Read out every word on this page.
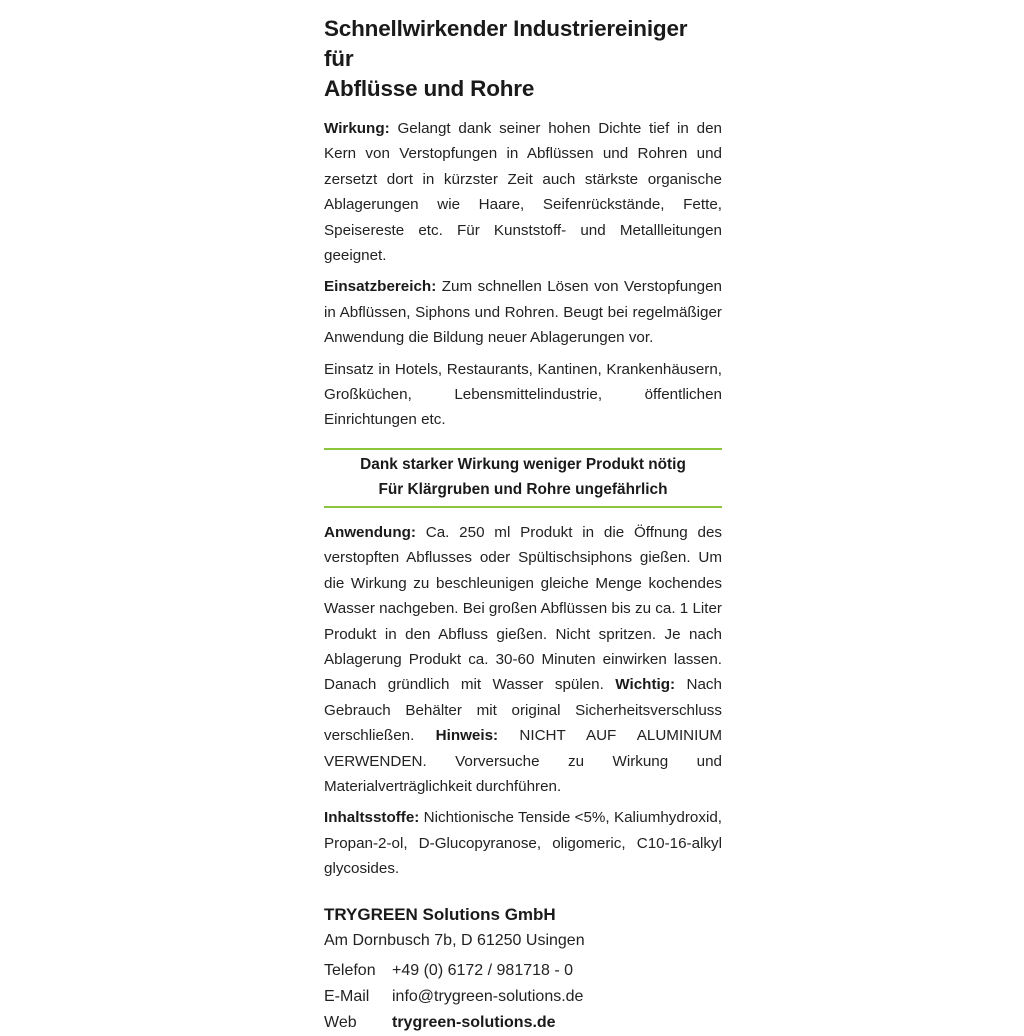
Schnellwirkender Industriereiniger für
Abflüsse und Rohre

Wirkung: Gelangt dank seiner hohen Dichte tief in den Kern von Verstopfungen in Abflüssen und Rohren und zersetzt dort in kürzster Zeit auch stärkste organische Ablagerungen wie Haare, Seifenrückstände, Fette, Speisereste etc. Für Kunststoff- und Metallleitungen geeignet.

Einsatzbereich: Zum schnellen Lösen von Verstopfungen in Abflüssen, Siphons und Rohren. Beugt bei regelmäßiger Anwendung die Bildung neuer Ablagerungen vor.

Einsatz in Hotels, Restaurants, Kantinen, Krankenhäusern, Großküchen, Lebensmittelindustrie, öffentlichen Einrichtungen etc.

Dank starker Wirkung weniger Produkt nötig
Für Klärgruben und Rohre ungefährlich

Anwendung: Ca. 250 ml Produkt in die Öffnung des verstopften Abflusses oder Spültischsiphons gießen. Um die Wirkung zu beschleunigen gleiche Menge kochendes Wasser nachgeben. Bei großen Abflüssen bis zu ca. 1 Liter Produkt in den Abfluss gießen. Nicht spritzen. Je nach Ablagerung Produkt ca. 30-60 Minuten einwirken lassen. Danach gründlich mit Wasser spülen. Wichtig: Nach Gebrauch Behälter mit original Sicherheitsverschluss verschließen. Hinweis: NICHT AUF ALUMINIUM VERWENDEN. Vorversuche zu Wirkung und Materialverträglichkeit durchführen.

Inhaltsstoffe: Nichtionische Tenside <5%, Kaliumhydroxid, Propan-2-ol, D-Glucopyranose, oligomeric, C10-16-alkyl glycosides.

TRYGREEN Solutions GmbH
Am Dornbusch 7b, D 61250 Usingen
Telefon	+49 (0) 6172 / 981718 - 0
E-Mail	info@trygreen-solutions.de
Web	trygreen-solutions.de
